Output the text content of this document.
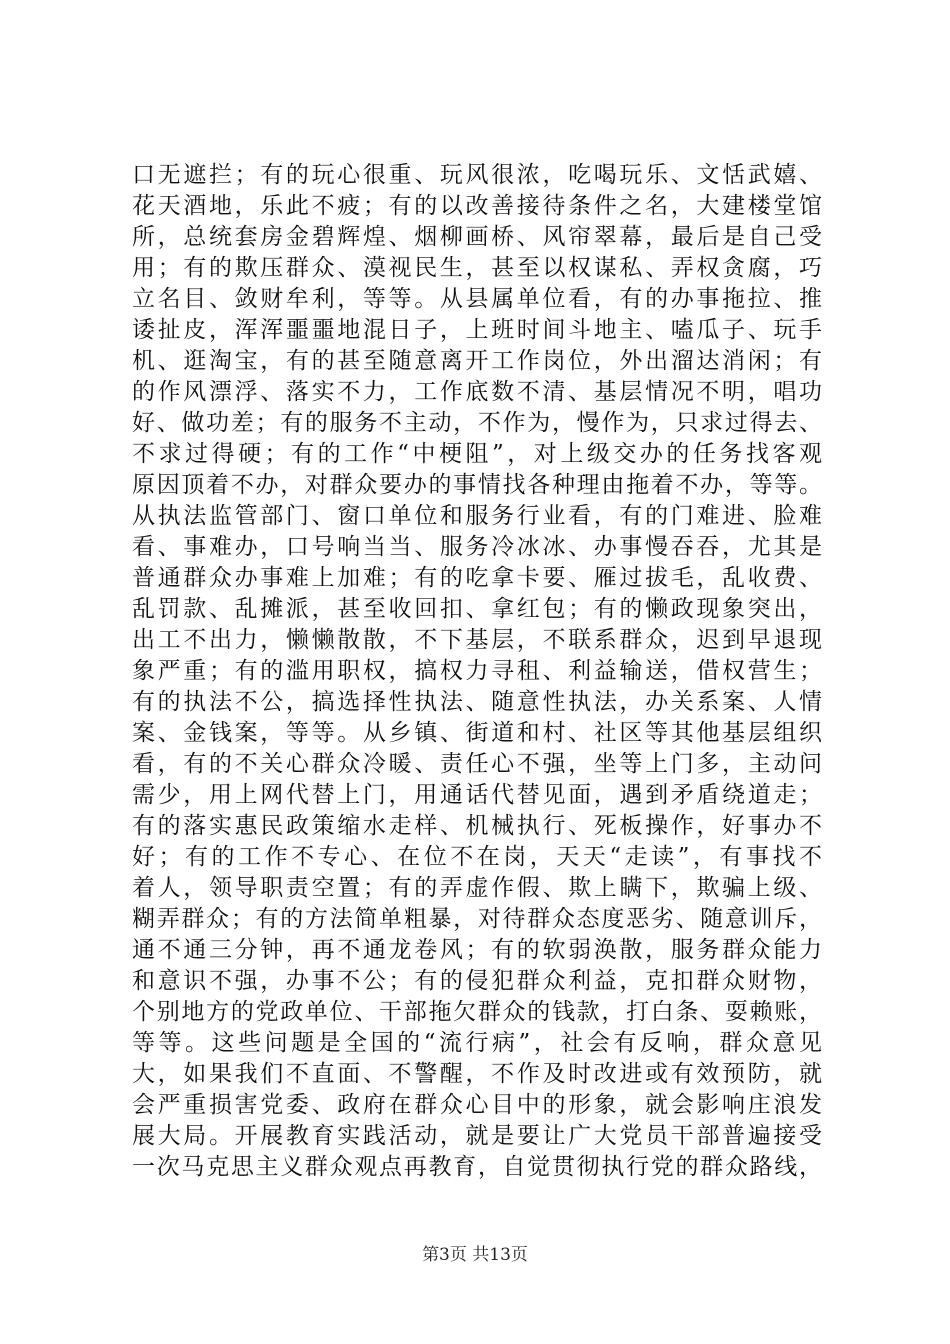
口无遮拦；有的玩心很重、玩风很浓，吃喝玩乐、文恬武嬉、
花天酒地，乐此不疲；有的以改善接待条件之名，大建楼堂馆
所，总统套房金碧辉煌、烟柳画桥、风帘翠幕，最后是自己受
用；有的欺压群众、漠视民生，甚至以权谋私、弄权贪腐，巧
立名目、敛财牟利，等等。从县属单位看，有的办事拖拉、推
诿扯皮，浑浑噩噩地混日子，上班时间斗地主、嗑瓜子、玩手
机、逛淘宝，有的甚至随意离开工作岗位，外出溜达消闲；有
的作风漂浮、落实不力，工作底数不清、基层情况不明，唱功
好、做功差；有的服务不主动，不作为，慢作为，只求过得去、
不求过得硬；有的工作“中梗阻”，对上级交办的任务找客观
原因顶着不办，对群众要办的事情找各种理由拖着不办，等等。
从执法监管部门、窗口单位和服务行业看，有的门难进、脸难
看、事难办，口号响当当、服务冷冰冰、办事慢吞吞，尤其是
普通群众办事难上加难；有的吃拿卡要、雁过拔毛，乱收费、
乱罚款、乱摊派，甚至收回扣、拿红包；有的懒政现象突出，
出工不出力，懒懒散散，不下基层，不联系群众，迟到早退现
象严重；有的滥用职权，搞权力寻租、利益输送，借权营生；
有的执法不公，搞选择性执法、随意性执法，办关系案、人情
案、金钱案，等等。从乡镇、街道和村、社区等其他基层组织
看，有的不关心群众冷暖、责任心不强，坐等上门多，主动问
需少，用上网代替上门，用通话代替见面，遇到矛盾绕道走；
有的落实惠民政策缩水走样、机械执行、死板操作，好事办不
好；有的工作不专心、在位不在岗，天天“走读”，有事找不
着人，领导职责空置；有的弄虚作假、欺上瞒下，欺骗上级、
糊弄群众；有的方法简单粗暴，对待群众态度恶劣、随意训斥，
通不通三分钟，再不通龙卷风；有的软弱涣散，服务群众能力
和意识不强，办事不公；有的侵犯群众利益，克扣群众财物，
个别地方的党政单位、干部拖欠群众的钱款，打白条、耍赖账，
等等。这些问题是全国的“流行病”，社会有反响，群众意见
大，如果我们不直面、不警醒，不作及时改进或有效预防，就
会严重损害党委、政府在群众心目中的形象，就会影响庄浪发
展大局。开展教育实践活动，就是要让广大党员干部普遍接受
一次马克思主义群众观点再教育，自觉贯彻执行党的群众路线，
第3页 共13页
